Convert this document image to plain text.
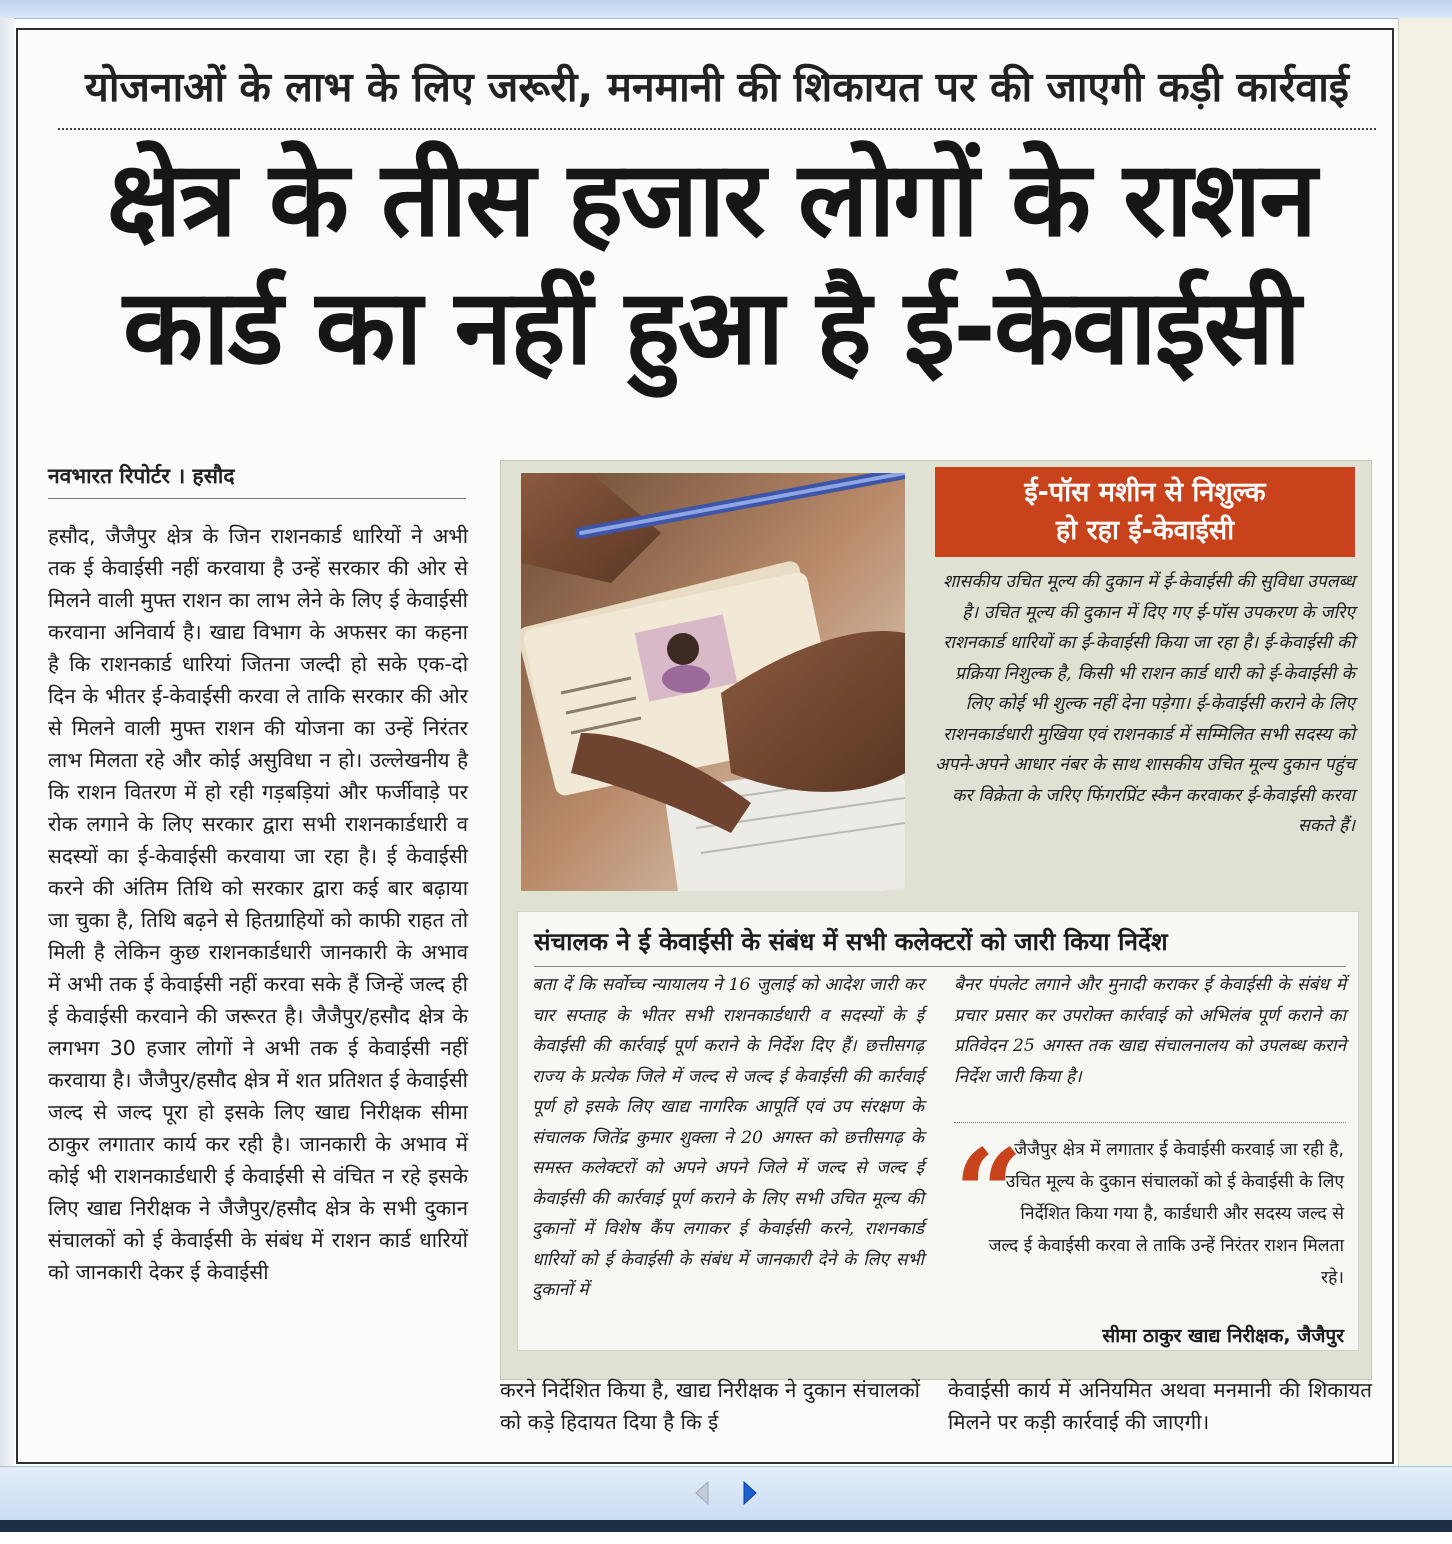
योजनाओं के लाभ के लिए जरूरी, मनमानी की शिकायत पर की जाएगी कड़ी कार्रवाई
क्षेत्र के तीस हजार लोगों के राशन
कार्ड का नहीं हुआ है ई-केवाईसी
नवभारत रिपोर्टर । हसौद

हसौद, जैजैपुर क्षेत्र के जिन राशनकार्ड धारियों ने अभी तक ई केवाईसी नहीं करवाया है उन्हें सरकार की ओर से मिलने वाली मुफ्त राशन का लाभ लेने के लिए ई केवाईसी करवाना अनिवार्य है। खाद्य विभाग के अफसर का कहना है कि राशनकार्ड धारियां जितना जल्दी हो सके एक-दो दिन के भीतर ई-केवाईसी करवा ले ताकि सरकार की ओर से मिलने वाली मुफ्त राशन की योजना का उन्हें निरंतर लाभ मिलता रहे और कोई असुविधा न हो। उल्लेखनीय है कि राशन वितरण में हो रही गड़बड़ियां और फर्जीवाड़े पर रोक लगाने के लिए सरकार द्वारा सभी राशनकार्डधारी व सदस्यों का ई-केवाईसी करवाया जा रहा है। ई केवाईसी करने की अंतिम तिथि को सरकार द्वारा कई बार बढ़ाया जा चुका है, तिथि बढ़ने से हितग्राहियों को काफी राहत तो मिली है लेकिन कुछ राशनकार्डधारी जानकारी के अभाव में अभी तक ई केवाईसी नहीं करवा सके हैं जिन्हें जल्द ही ई केवाईसी करवाने की जरूरत है। जैजैपुर/हसौद क्षेत्र के लगभग 30 हजार लोगों ने अभी तक ई केवाईसी नहीं करवाया है। जैजैपुर/हसौद क्षेत्र में शत प्रतिशत ई केवाईसी जल्द से जल्द पूरा हो इसके लिए खाद्य निरीक्षक सीमा ठाकुर लगातार कार्य कर रही है। जानकारी के अभाव में कोई भी राशनकार्डधारी ई केवाईसी से वंचित न रहे इसके लिए खाद्य निरीक्षक ने जैजैपुर/हसौद क्षेत्र के सभी दुकान संचालकों को ई केवाईसी के संबंध में राशन कार्ड धारियों को जानकारी देकर ई केवाईसी

ई-पॉस मशीन से निशुल्क
हो रहा ई-केवाईसी
शासकीय उचित मूल्य की दुकान में ई-केवाईसी की सुविधा उपलब्ध है। उचित मूल्य की दुकान में दिए गए ई-पॉस उपकरण के जरिए राशनकार्ड धारियों का ई-केवाईसी किया जा रहा है। ई-केवाईसी की प्रक्रिया निशुल्क है, किसी भी राशन कार्ड धारी को ई-केवाईसी के लिए कोई भी शुल्क नहीं देना पड़ेगा। ई-केवाईसी कराने के लिए राशनकार्डधारी मुखिया एवं राशनकार्ड में सम्मिलित सभी सदस्य को अपने-अपने आधार नंबर के साथ शासकीय उचित मूल्य दुकान पहुंच कर विक्रेता के जरिए फिंगरप्रिंट स्कैन करवाकर ई-केवाईसी करवा सकते हैं।
संचालक ने ई केवाईसी के संबंध में सभी कलेक्टरों को जारी किया निर्देश
बता दें कि सर्वोच्च न्यायालय ने 16 जुलाई को आदेश जारी कर चार सप्ताह के भीतर सभी राशनकार्डधारी व सदस्यों के ई केवाईसी की कार्रवाई पूर्ण कराने के निर्देश दिए हैं। छत्तीसगढ़ राज्य के प्रत्येक जिले में जल्द से जल्द ई केवाईसी की कार्रवाई पूर्ण हो इसके लिए खाद्य नागरिक आपूर्ति एवं उप संरक्षण के संचालक जितेंद्र कुमार शुक्ला ने 20 अगस्त को छत्तीसगढ़ के समस्त कलेक्टरों को अपने अपने जिले में जल्द से जल्द ई केवाईसी की कार्रवाई पूर्ण कराने के लिए सभी उचित मूल्य की दुकानों में विशेष कैंप लगाकर ई केवाईसी करने, राशनकार्ड धारियों को ई केवाईसी के संबंध में जानकारी देने के लिए सभी दुकानों में
बैनर पंपलेट लगाने और मुनादी कराकर ई केवाईसी के संबंध में प्रचार प्रसार कर उपरोक्त कार्रवाई को अभिलंब पूर्ण कराने का प्रतिवेदन 25 अगस्त तक खाद्य संचालनालय को उपलब्ध कराने निर्देश जारी किया है।
“
जैजैपुर क्षेत्र में लगातार ई केवाईसी करवाई जा रही है, उचित मूल्य के दुकान संचालकों को ई केवाईसी के लिए निर्देशित किया गया है, कार्डधारी और सदस्य जल्द से जल्द ई केवाईसी करवा ले ताकि उन्हें निरंतर राशन मिलता रहे।
सीमा ठाकुर खाद्य निरीक्षक, जैजैपुर
करने निर्देशित किया है, खाद्य निरीक्षक ने दुकान संचालकों को कड़े हिदायत दिया है कि ई
केवाईसी कार्य में अनियमित अथवा मनमानी की शिकायत मिलने पर कड़ी कार्रवाई की जाएगी।
